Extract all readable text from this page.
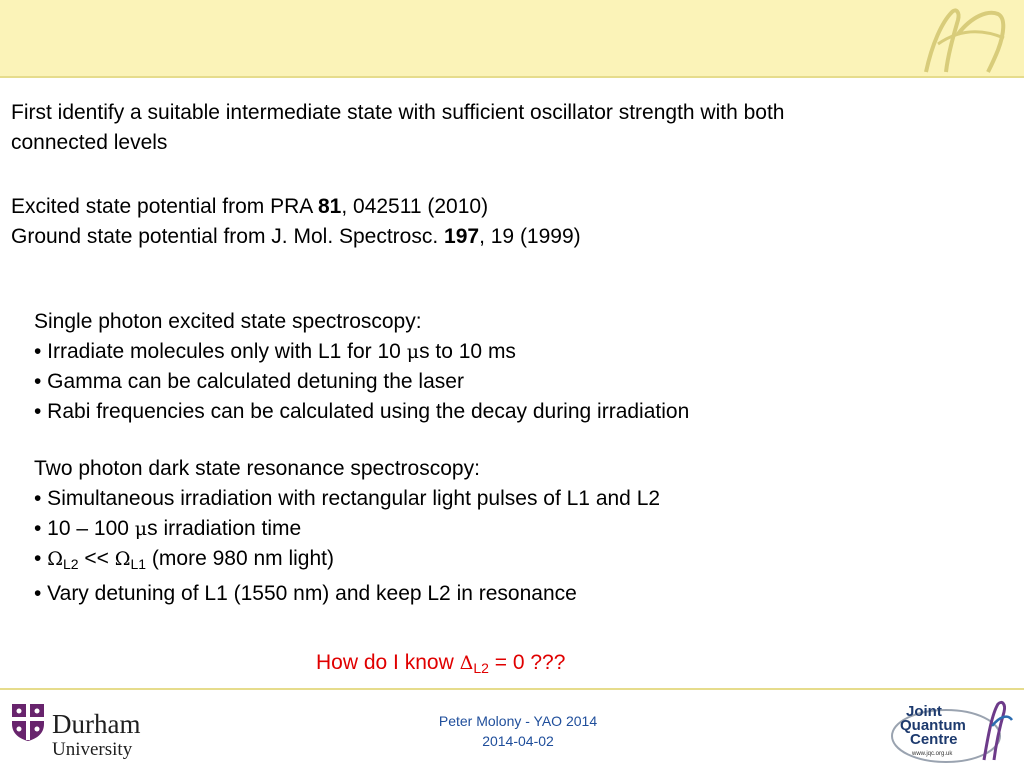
First identify a suitable intermediate state with sufficient oscillator strength with both
connected levels
Excited state potential from PRA 81, 042511 (2010)
Ground state potential from J. Mol. Spectrosc. 197, 19 (1999)
Single photon excited state spectroscopy:
• Irradiate molecules only with L1 for 10 μs to 10 ms
• Gamma can be calculated detuning the laser
• Rabi frequencies can be calculated using the decay during irradiation
Two photon dark state resonance spectroscopy:
• Simultaneous irradiation with rectangular light pulses of L1 and L2
• 10 – 100 μs irradiation time
• $\Omega_{L2} << \Omega_{L1}$ (more 980 nm light)
• Vary detuning of L1 (1550 nm) and keep L2 in resonance
How do I know $\Delta_{L2} = 0$ ???
Durham
University
Peter Molony - YAO 2014
2014-04-02
Joint
Quantum
Centre
www.jqc.org.uk
